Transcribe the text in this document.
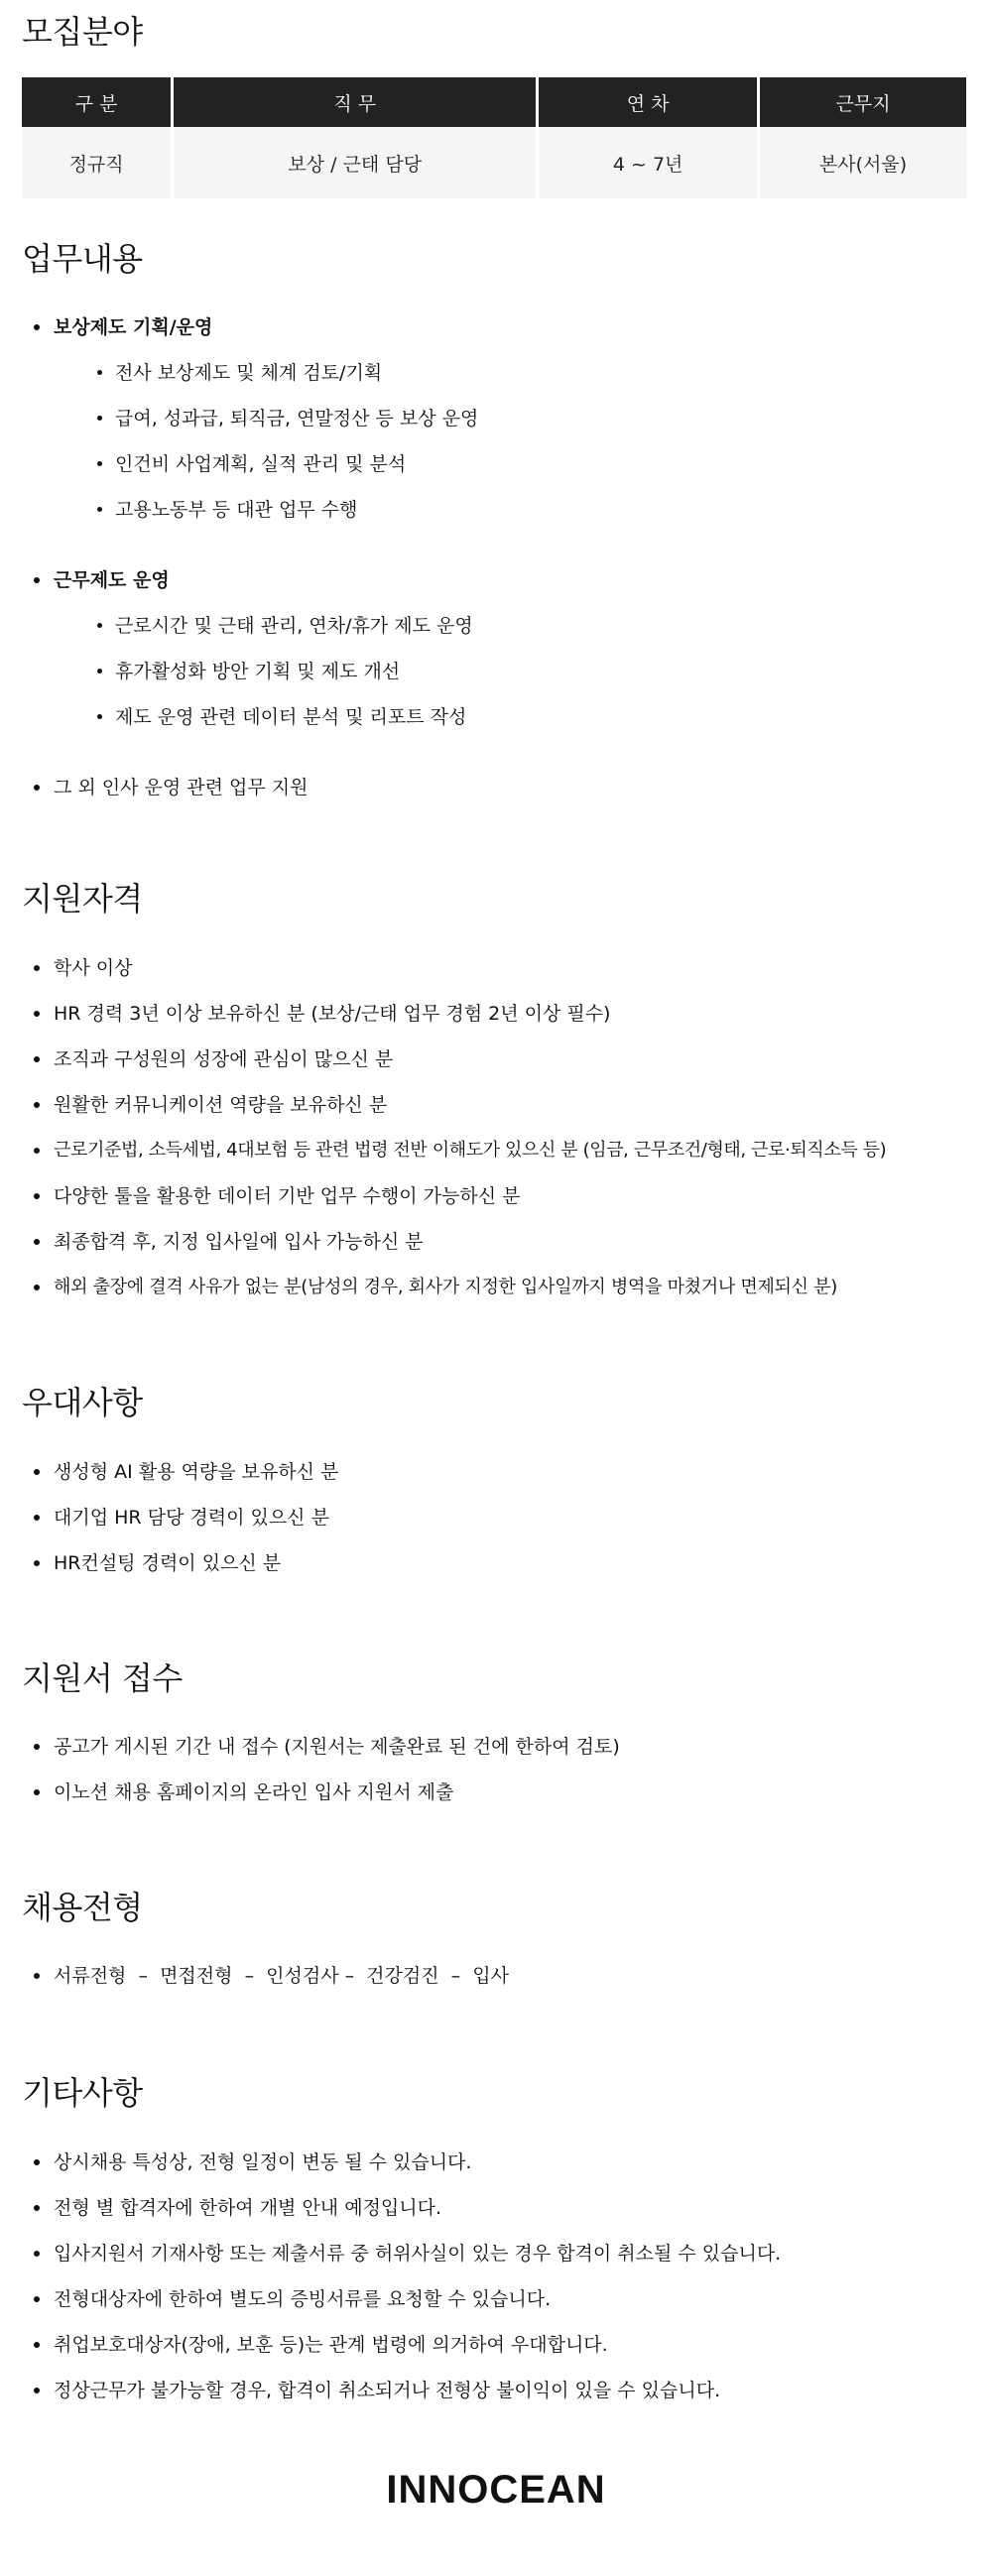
모집분야
구 분	직 무	연 차	근무지
정규직	보상 / 근태 담당	4 ~ 7년	본사(서울)
업무내용
보상제도 기획/운영
전사 보상제도 및 체계 검토/기획
급여, 성과급, 퇴직금, 연말정산 등 보상 운영
인건비 사업계획, 실적 관리 및 분석
고용노동부 등 대관 업무 수행
근무제도 운영
근로시간 및 근태 관리, 연차/휴가 제도 운영
휴가활성화 방안 기획 및 제도 개선
제도 운영 관련 데이터 분석 및 리포트 작성
그 외 인사 운영 관련 업무 지원
지원자격
학사 이상
HR 경력 3년 이상 보유하신 분 (보상/근태 업무 경험 2년 이상 필수)
조직과 구성원의 성장에 관심이 많으신 분
원활한 커뮤니케이션 역량을 보유하신 분
근로기준법, 소득세법, 4대보험 등 관련 법령 전반 이해도가 있으신 분 (임금, 근무조건/형태, 근로·퇴직소득 등)
다양한 툴을 활용한 데이터 기반 업무 수행이 가능하신 분
최종합격 후, 지정 입사일에 입사 가능하신 분
해외 출장에 결격 사유가 없는 분(남성의 경우, 회사가 지정한 입사일까지 병역을 마쳤거나 면제되신 분)
우대사항
생성형 AI 활용 역량을 보유하신 분
대기업 HR 담당 경력이 있으신 분
HR컨설팅 경력이 있으신 분
지원서 접수
공고가 게시된 기간 내 접수 (지원서는 제출완료 된 건에 한하여 검토)
이노션 채용 홈페이지의 온라인 입사 지원서 제출
채용전형
서류전형  –  면접전형  –  인성검사 –  건강검진  –  입사
기타사항
상시채용 특성상, 전형 일정이 변동 될 수 있습니다.
전형 별 합격자에 한하여 개별 안내 예정입니다.
입사지원서 기재사항 또는 제출서류 중 허위사실이 있는 경우 합격이 취소될 수 있습니다.
전형대상자에 한하여 별도의 증빙서류를 요청할 수 있습니다.
취업보호대상자(장애, 보훈 등)는 관계 법령에 의거하여 우대합니다.
정상근무가 불가능할 경우, 합격이 취소되거나 전형상 불이익이 있을 수 있습니다.
INNOCEAN
